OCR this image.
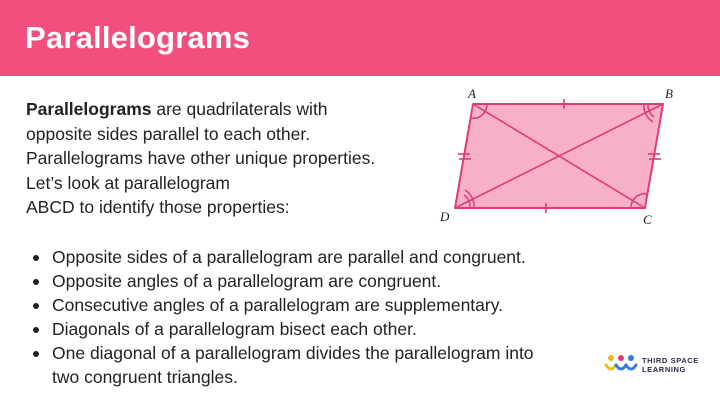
Parallelograms
Parallelograms are quadrilaterals with
opposite sides parallel to each other.
Parallelograms have other unique properties.
Let’s look at parallelogram
ABCD to identify those properties:
A	B
C
D
Opposite sides of a parallelogram are parallel and congruent.
Opposite angles of a parallelogram are congruent.
Consecutive angles of a parallelogram are supplementary.
Diagonals of a parallelogram bisect each other.
One diagonal of a parallelogram divides the parallelogram into
two congruent triangles.
THIRD SPACE
LEARNING
